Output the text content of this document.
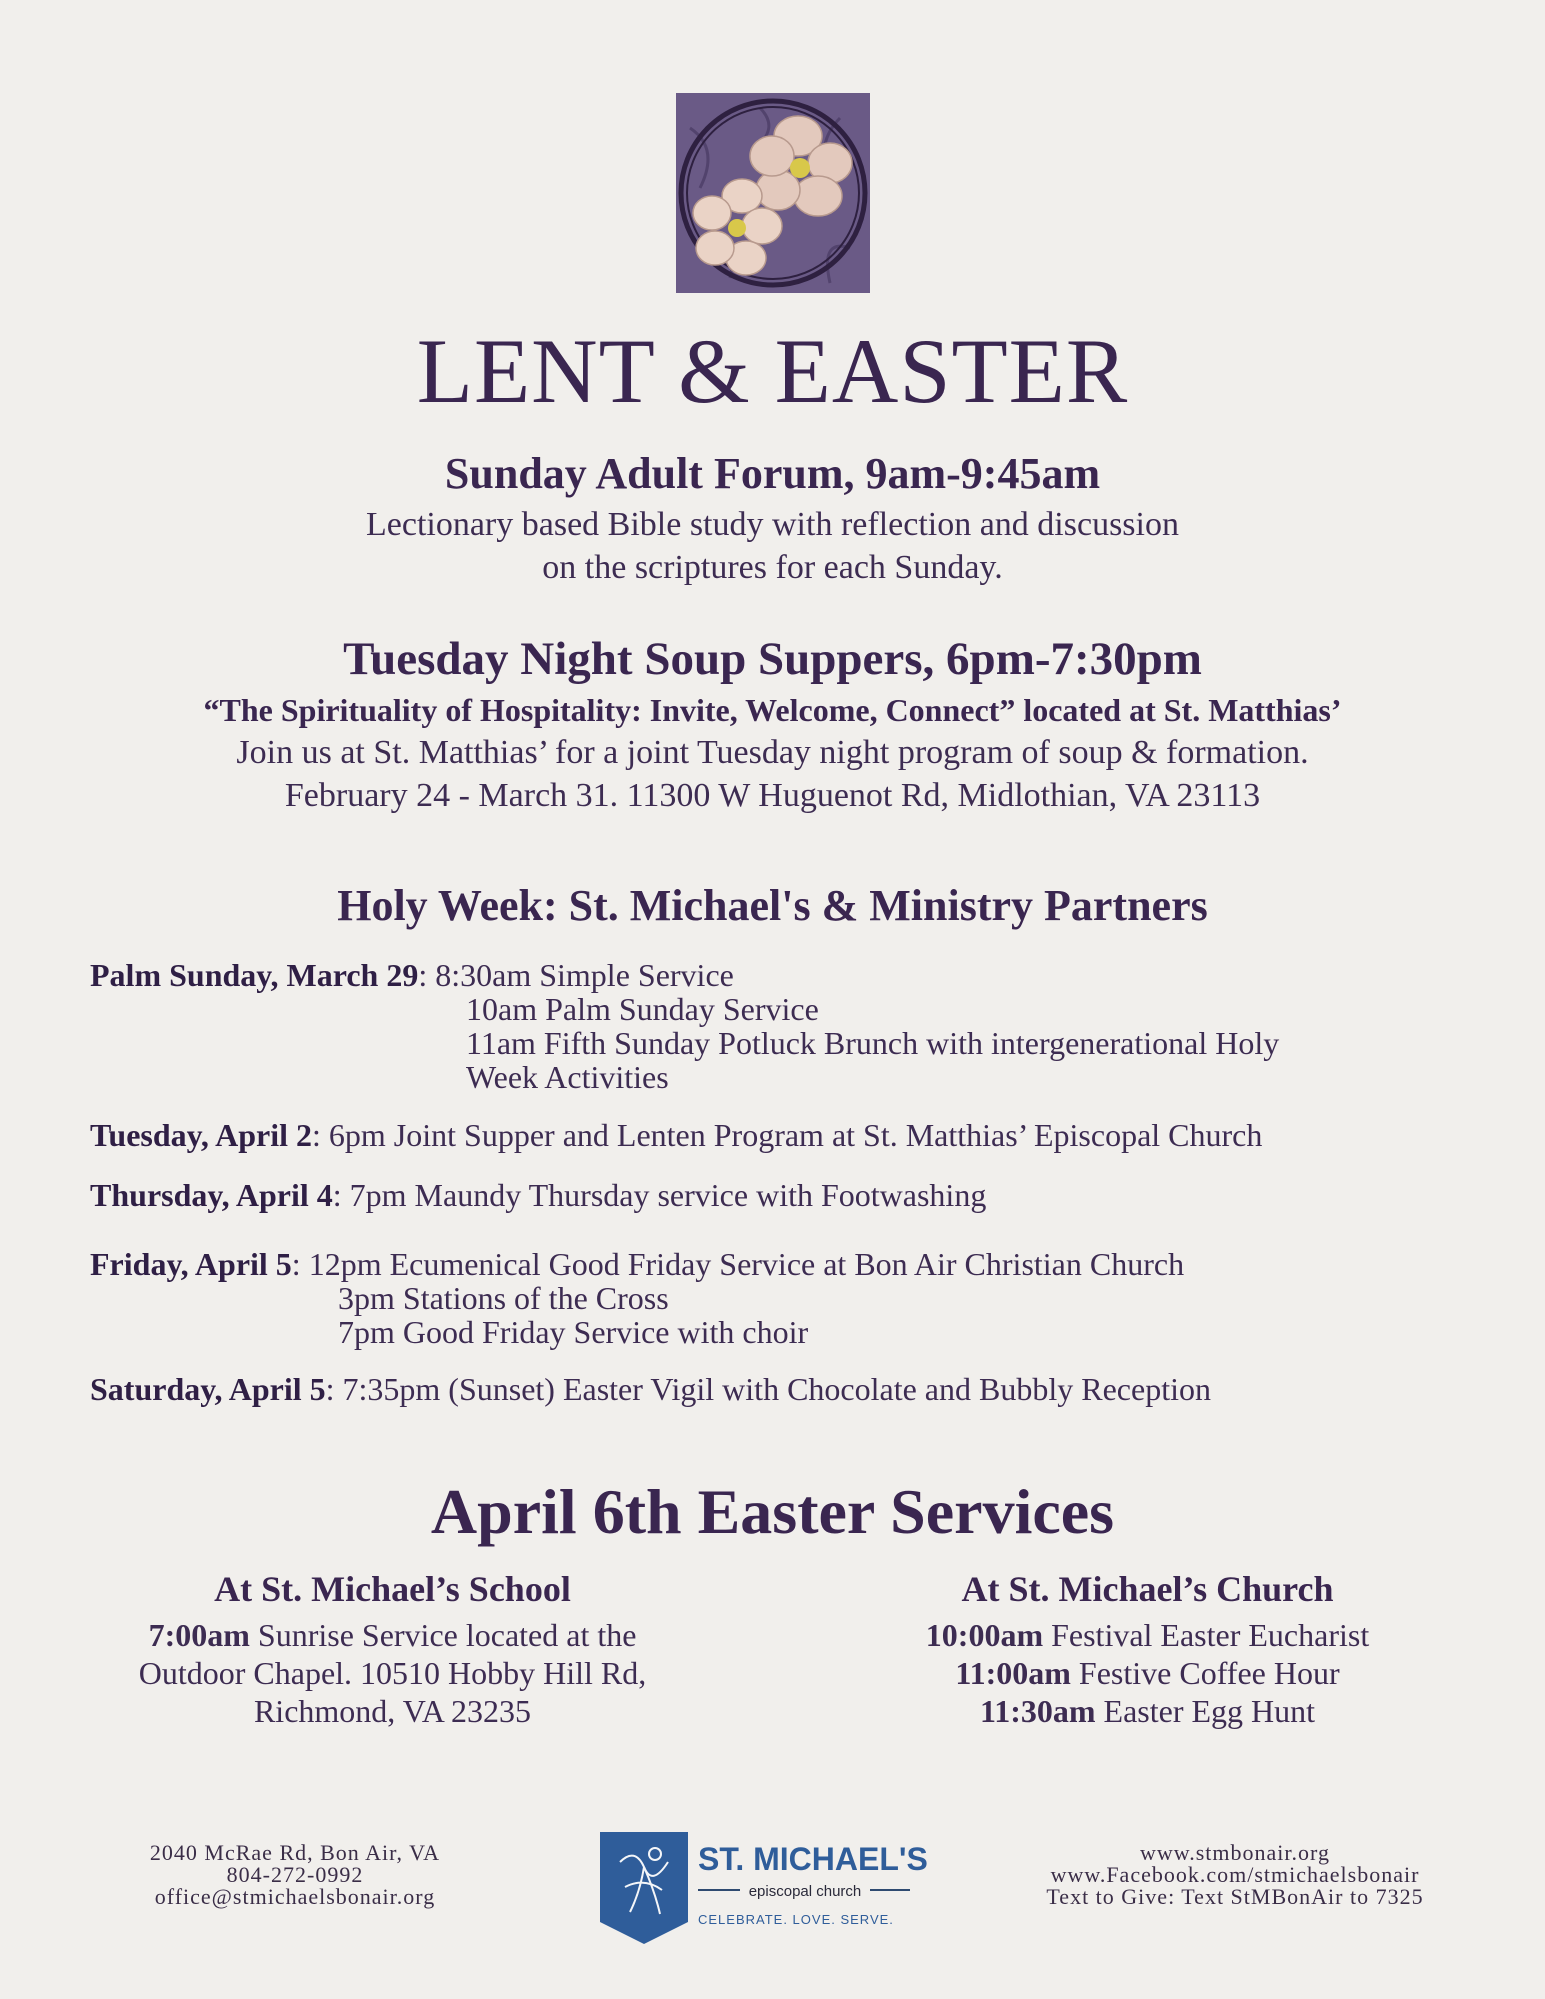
LENT & EASTER
Sunday Adult Forum, 9am-9:45am
Lectionary based Bible study with reflection and discussion
on the scriptures for each Sunday.
Tuesday Night Soup Suppers, 6pm-7:30pm
“The Spirituality of Hospitality: Invite, Welcome, Connect” located at St. Matthias’
Join us at St. Matthias’ for a joint Tuesday night program of soup & formation.
February 24 - March 31. 11300 W Huguenot Rd, Midlothian, VA 23113
Holy Week: St. Michael's & Ministry Partners
Palm Sunday, March 29: 8:30am Simple Service
10am Palm Sunday Service
11am Fifth Sunday Potluck Brunch with intergenerational Holy
Week Activities
Tuesday, April 2: 6pm Joint Supper and Lenten Program at St. Matthias’ Episcopal Church
Thursday, April 4: 7pm Maundy Thursday service with Footwashing
Friday, April 5: 12pm Ecumenical Good Friday Service at Bon Air Christian Church
3pm Stations of the Cross
7pm Good Friday Service with choir
Saturday, April 5: 7:35pm (Sunset) Easter Vigil with Chocolate and Bubbly Reception
April 6th Easter Services
At St. Michael’s School
7:00am Sunrise Service located at the
Outdoor Chapel. 10510 Hobby Hill Rd,
Richmond, VA 23235
At St. Michael’s Church
10:00am Festival Easter Eucharist
11:00am Festive Coffee Hour
11:30am Easter Egg Hunt
2040 McRae Rd, Bon Air, VA
804-272-0992
office@stmichaelsbonair.org
ST. MICHAEL'S
episcopal church
CELEBRATE. LOVE. SERVE.
www.stmbonair.org
www.Facebook.com/stmichaelsbonair
Text to Give: Text StMBonAir to 7325
